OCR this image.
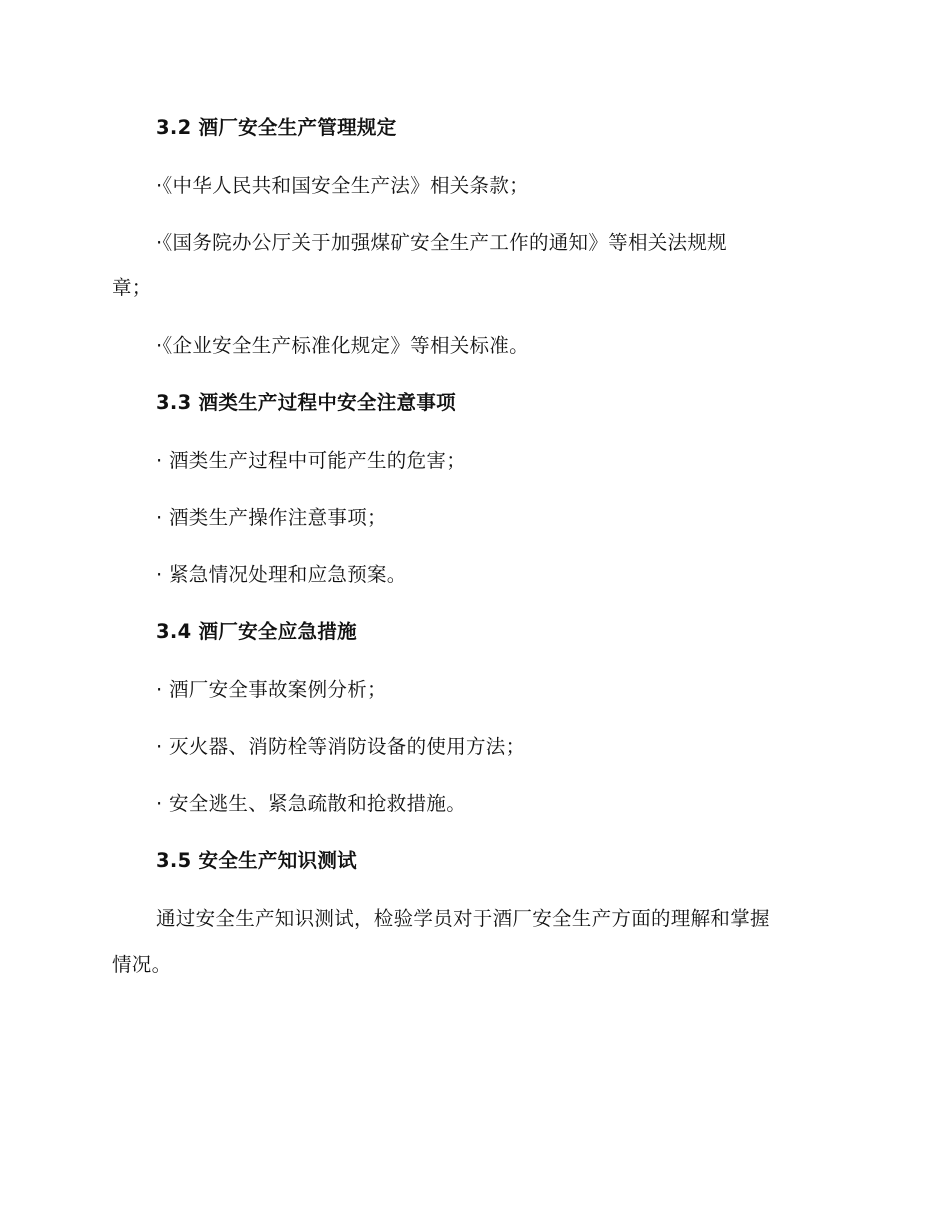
3.2 酒厂安全生产管理规定
·《中华人民共和国安全生产法》相关条款；
·《国务院办公厅关于加强煤矿安全生产工作的通知》等相关法规规
章；
·《企业安全生产标准化规定》等相关标准。
3.3 酒类生产过程中安全注意事项
· 酒类生产过程中可能产生的危害；
· 酒类生产操作注意事项；
· 紧急情况处理和应急预案。
3.4 酒厂安全应急措施
· 酒厂安全事故案例分析；
· 灭火器、消防栓等消防设备的使用方法；
· 安全逃生、紧急疏散和抢救措施。
3.5 安全生产知识测试
通过安全生产知识测试，检验学员对于酒厂安全生产方面的理解和掌握
情况。
